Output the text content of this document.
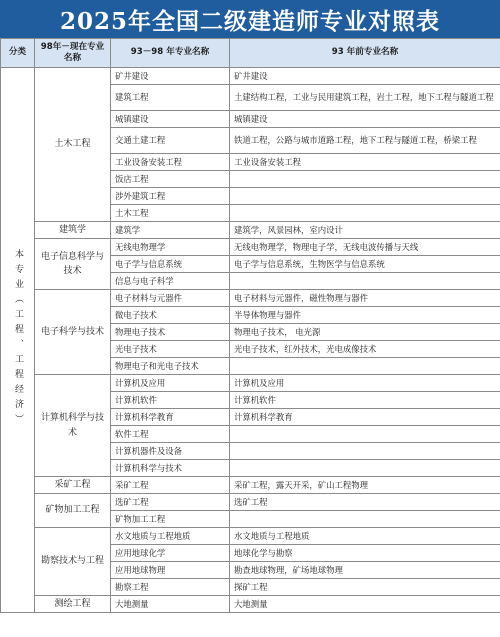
2025年全国二级建造师专业对照表
分类	98年－现在专业名称	93－98 年专业名称	93 年前专业名称
本专业（工程、工程经济）	土木工程	矿井建设	矿井建设
		建筑工程	土建结构工程，工业与民用建筑工程，岩土工程，地下工程与隧道工程
		城镇建设	城镇建设
		交通土建工程	铁道工程，公路与城市道路工程，地下工程与隧道工程，桥梁工程
		工业设备安装工程	工业设备安装工程
		饭店工程	
		涉外建筑工程	
		土木工程	
	建筑学	建筑学	建筑学，风景园林，室内设计
	电子信息科学与技术	无线电物理学	无线电物理学，物理电子学，无线电波传播与天线
		电子学与信息系统	电子学与信息系统，生物医学与信息系统
		信息与电子科学	
	电子科学与技术	电子材料与元器件	电子材料与元器件，磁性物理与器件
		微电子技术	半导体物理与器件
		物理电子技术	物理电子技术， 电光源
		光电子技术	光电子技术，红外技术，光电成像技术
		物理电子和光电子技术	
	计算机科学与技术	计算机及应用	计算机及应用
		计算机软件	计算机软件
		计算机科学教育	计算机科学教育
		软件工程	
		计算机器件及设备	
		计算机科学与技术	
	采矿工程	采矿工程	采矿工程，露天开采，矿山工程物理
	矿物加工工程	选矿工程	选矿工程
		矿物加工工程	
	勘察技术与工程	水文地质与工程地质	水文地质与工程地质
		应用地球化学	地球化学与勘察
		应用地球物理	勘查地球物理，矿场地球物理
		勘察工程	探矿工程
	测绘工程	大地测量	大地测量
